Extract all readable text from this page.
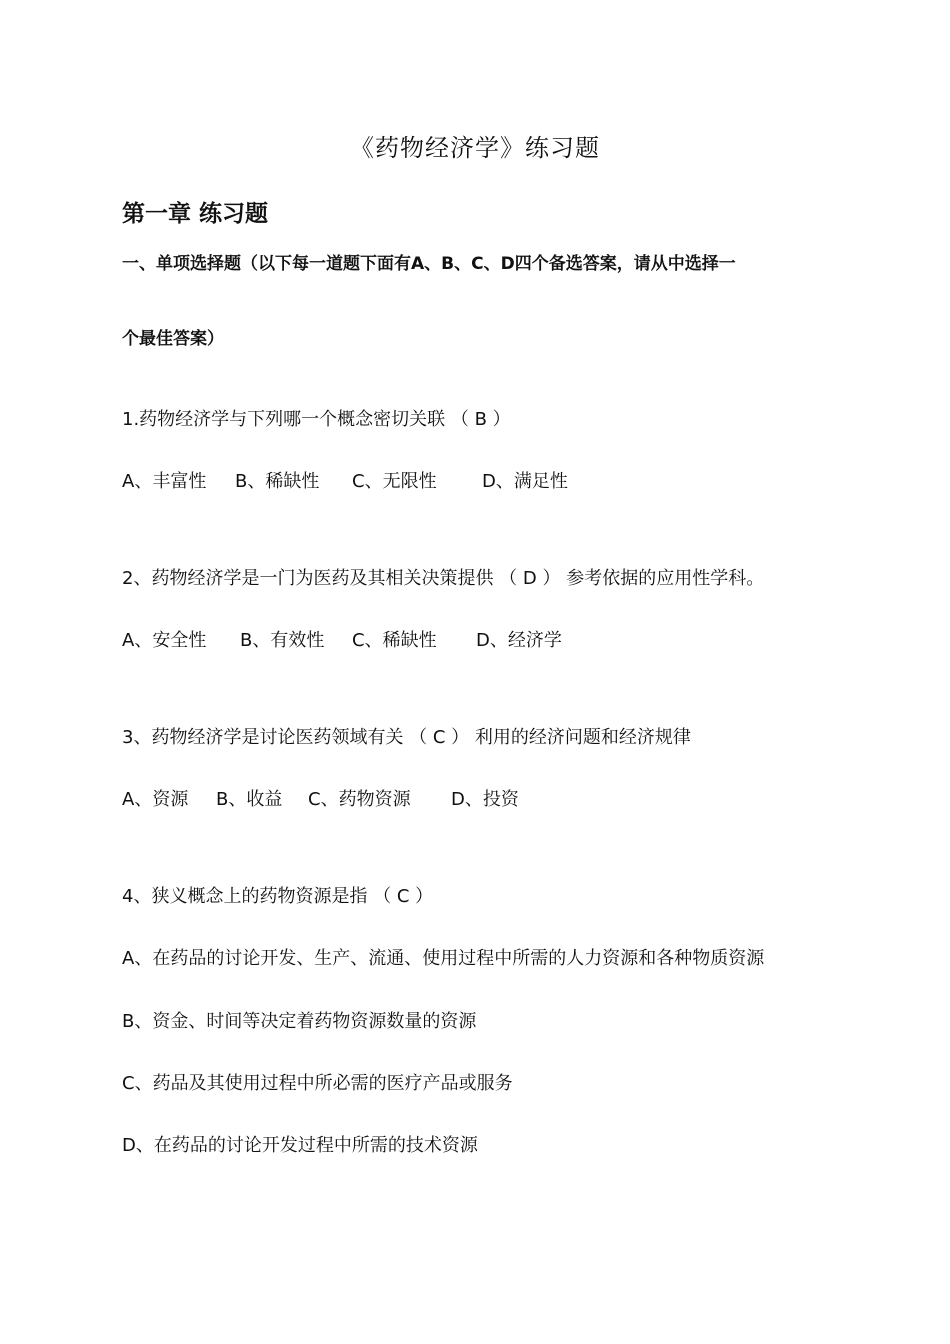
《药物经济学》练习题
第一章 练习题
一、单项选择题（以下每一道题下面有A、B、C、D四个备选答案，请从中选择一
个最佳答案）
1.药物经济学与下列哪一个概念密切关联 （ B ）
A、丰富性 B、稀缺性 C、无限性	D、满足性
2、药物经济学是一门为医药及其相关决策提供 （ D ） 参考依据的应用性学科。
A、安全性 B、有效性 C、稀缺性 D、经济学
3、药物经济学是讨论医药领域有关 （ C ） 利用的经济问题和经济规律
A、资源 B、收益 C、药物资源 D、投资
4、狭义概念上的药物资源是指 （ C ）
A、在药品的讨论开发、生产、流通、使用过程中所需的人力资源和各种物质资源
B、资金、时间等决定着药物资源数量的资源
C、药品及其使用过程中所必需的医疗产品或服务
D、在药品的讨论开发过程中所需的技术资源
